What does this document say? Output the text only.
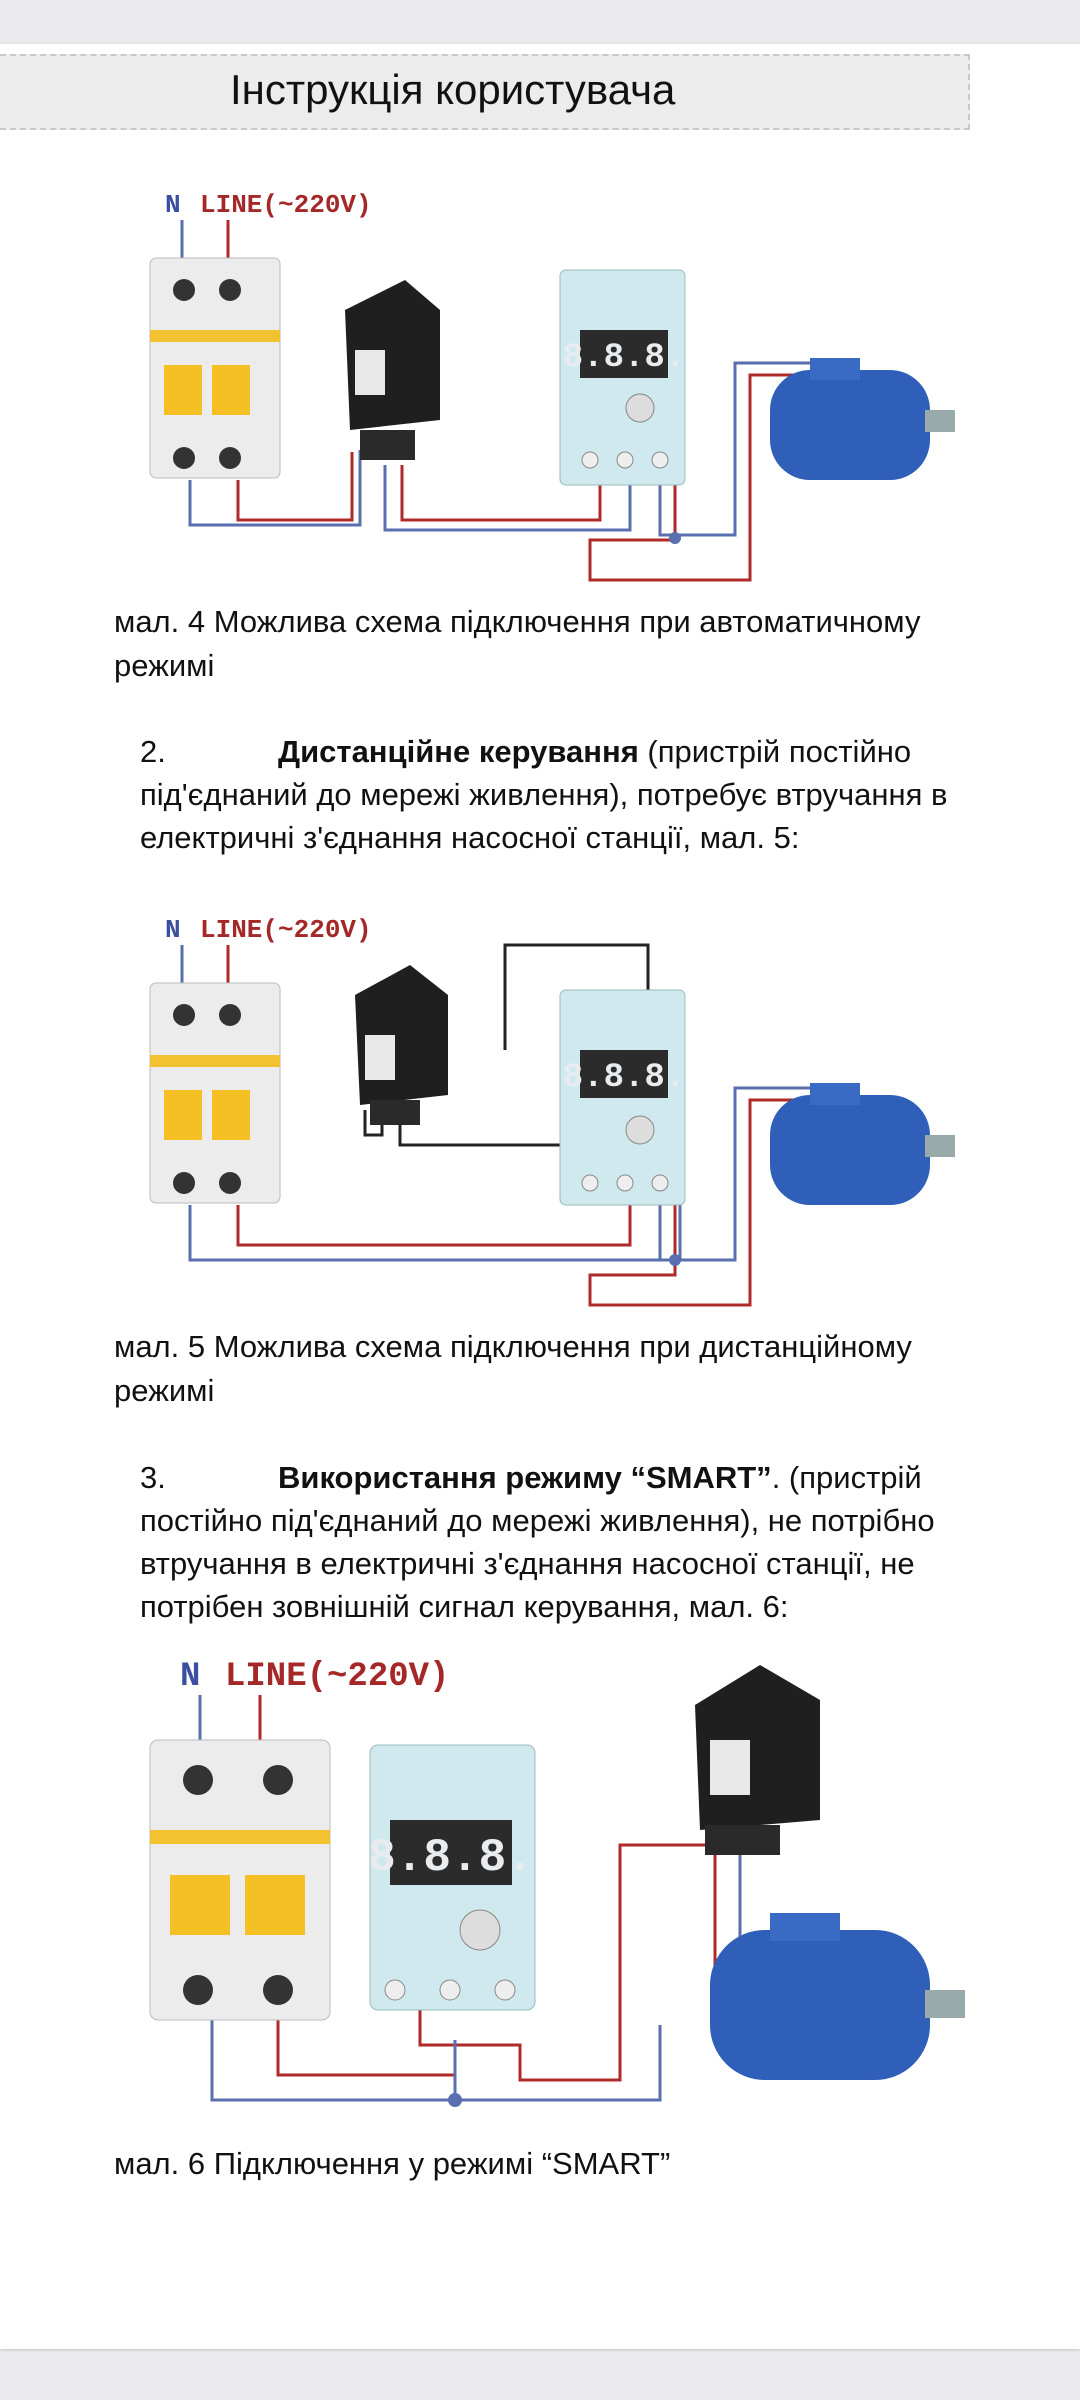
Інструкція користувача
N LINE(~220V)
8.8.8.
мал. 4 Можлива схема підключення при автоматичному режимі
2.	Дистанційне керування (пристрій постійно під'єднаний до мережі живлення), потребує втручання в електричні з'єднання насосної станції, мал. 5:
N LINE(~220V)
8.8.8.
мал. 5 Можлива схема підключення при дистанційному режимі
3.	Використання режиму “SMART”. (пристрій постійно під'єднаний до мережі живлення), не потрібно втручання в електричні з'єднання насосної станції, не потрібен зовнішній сигнал керування, мал. 6:
N LINE(~220V)
8.8.8.
мал. 6 Підключення у режимі “SMART”
